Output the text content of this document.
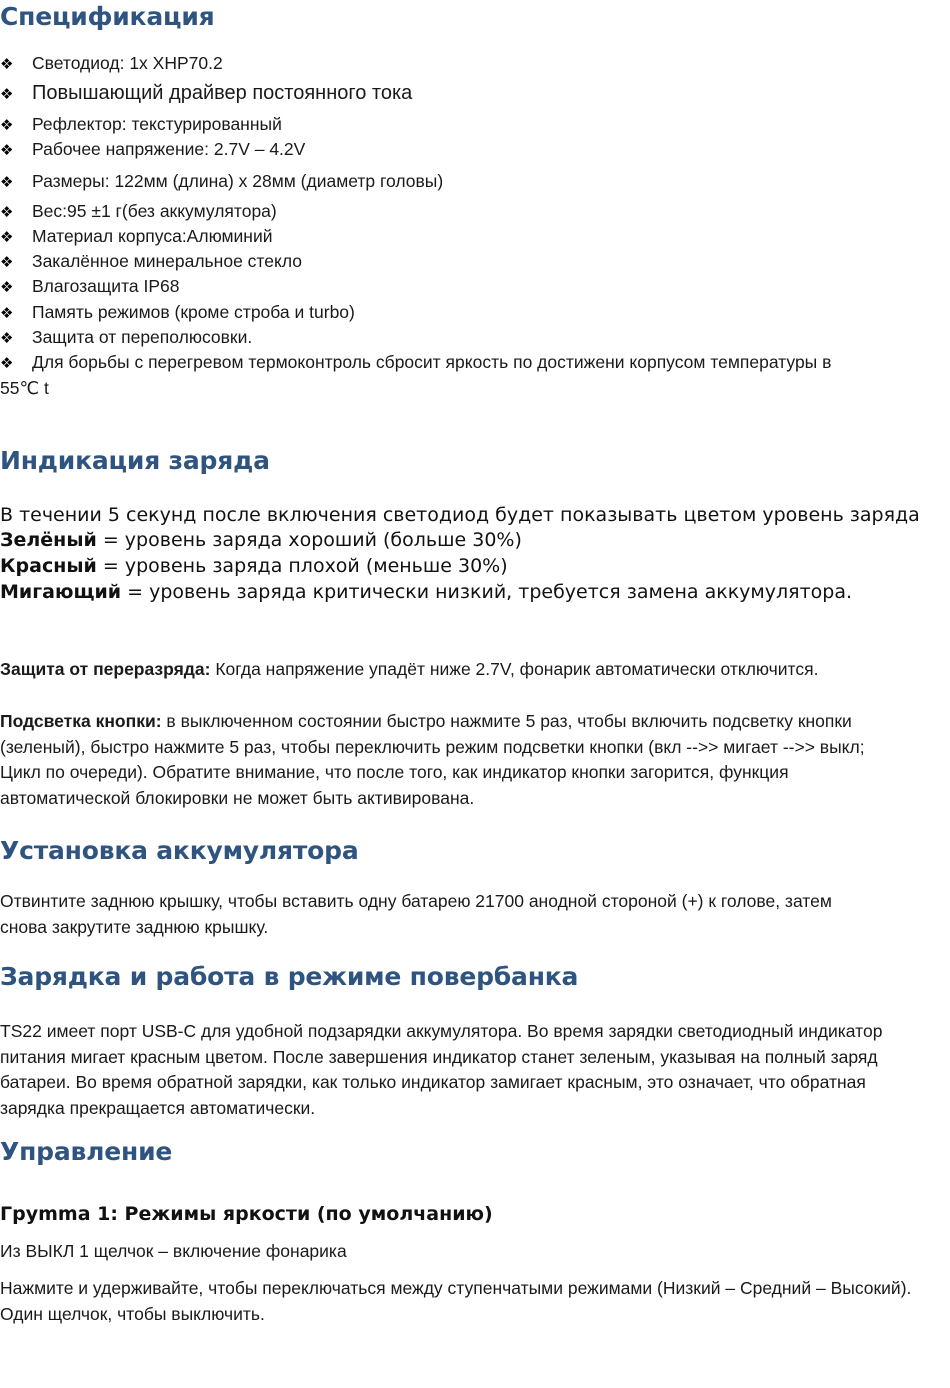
Спецификация
❖ Светодиод: 1x XHP70.2
❖ Повышающий драйвер постоянного тока
❖ Рефлектор: текстурированный
❖ Рабочее напряжение: 2.7V – 4.2V
❖ Размеры: 122мм (длина) x 28мм (диаметр головы)
❖ Вес:95 ±1 г(без аккумулятора)
❖ Материал корпуса:Алюминий
❖ Закалённое минеральное стекло
❖ Влагозащита IP68
❖ Память режимов (кроме строба и turbo)
❖ Защита от переполюсовки.
❖ Для борьбы с перегревом термоконтроль сбросит яркость по достижени корпусом температуры в
55℃ t
Индикация заряда
В течении 5 секунд после включения светодиод будет показывать цветом уровень заряда
Зелёный = уровень заряда хороший (больше 30%)
Красный = уровень заряда плохой (меньше 30%)
Мигающий = уровень заряда критически низкий, требуется замена аккумулятора.

Защита от переразряда: Когда напряжение упадёт ниже 2.7V, фонарик автоматически отключится.

Подсветка кнопки: в выключенном состоянии быстро нажмите 5 раз, чтобы включить подсветку кнопки (зеленый), быстро нажмите 5 раз, чтобы переключить режим подсветки кнопки (вкл -->> мигает -->> выкл; Цикл по очереди). Обратите внимание, что после того, как индикатор кнопки загорится, функция автоматической блокировки не может быть активирована.

Установка аккумулятора

Отвинтите заднюю крышку, чтобы вставить одну батарею 21700 анодной стороной (+) к голове, затем снова закрутите заднюю крышку.

Зарядка и работа в режиме повербанка

TS22 имеет порт USB-C для удобной подзарядки аккумулятора. Во время зарядки светодиодный индикатор питания мигает красным цветом. После завершения индикатор станет зеленым, указывая на полный заряд батареи. Во время обратной зарядки, как только индикатор замигает красным, это означает, что обратная зарядка прекращается автоматически.

Управление
Груmmа 1: Режимы яркости (по умолчанию)
Из ВЫКЛ 1 щелчок – включение фонарика

Нажмите и удерживайте, чтобы переключаться между ступенчатыми режимами (Низкий – Средний – Высокий). Один щелчок, чтобы выключить.
